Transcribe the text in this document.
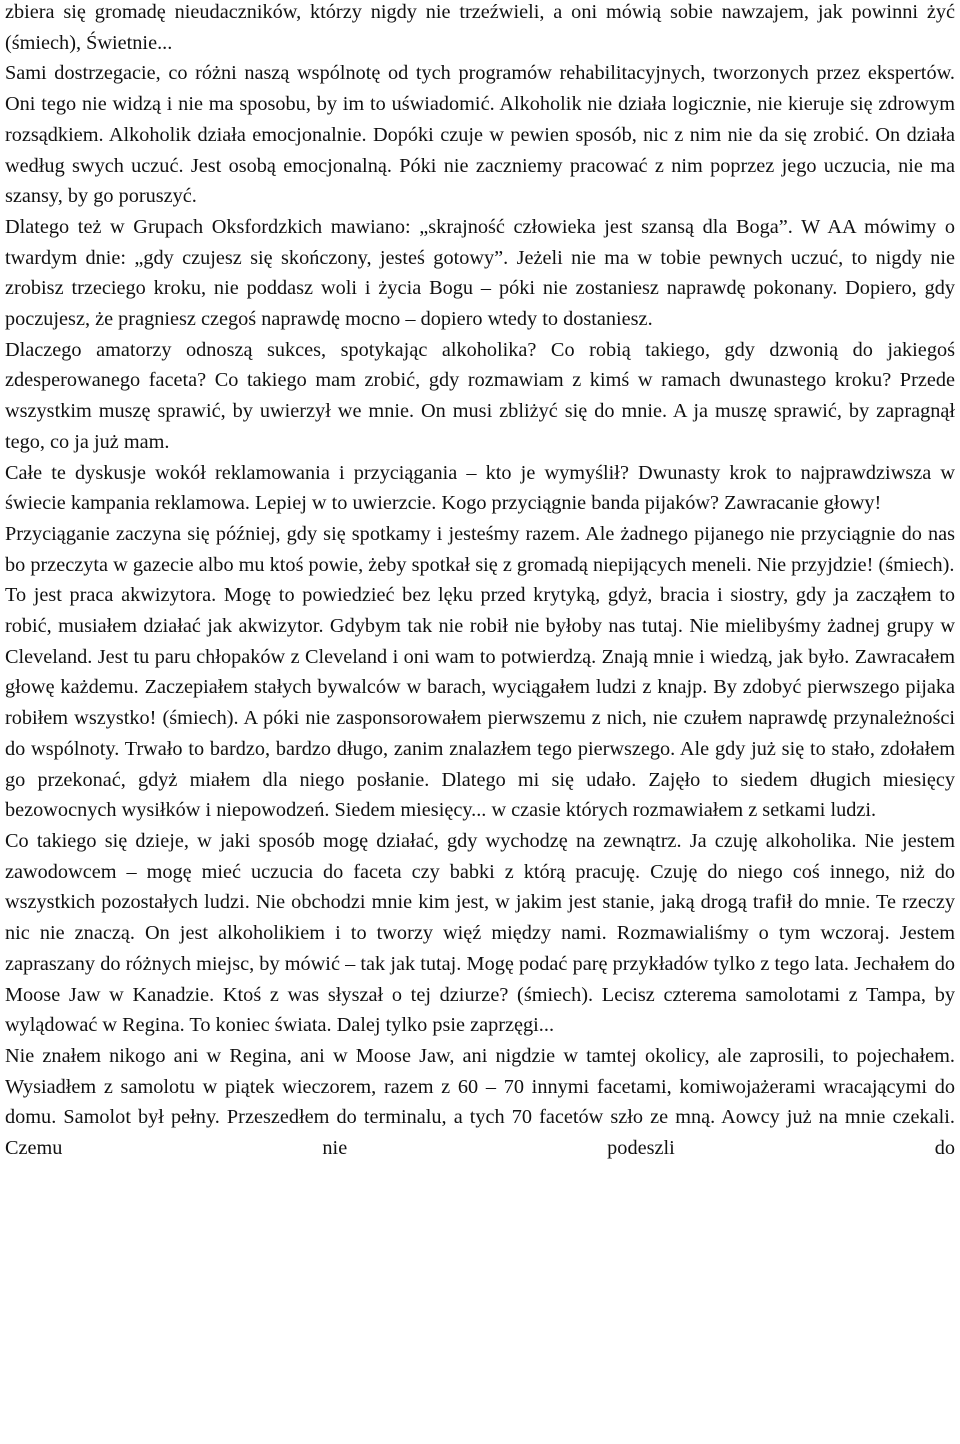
zbiera się gromadę nieudaczników, którzy nigdy nie trzeźwieli, a oni mówią sobie nawzajem, jak powinni żyć (śmiech), Świetnie...

Sami dostrzegacie, co różni naszą wspólnotę od tych programów rehabilitacyjnych, tworzonych przez ekspertów. Oni tego nie widzą i nie ma sposobu, by im to uświadomić. Alkoholik nie działa logicznie, nie kieruje się zdrowym rozsądkiem. Alkoholik działa emocjonalnie. Dopóki czuje w pewien sposób, nic z nim nie da się zrobić. On działa według swych uczuć. Jest osobą emocjonalną. Póki nie zaczniemy pracować z nim poprzez jego uczucia, nie ma szansy, by go poruszyć.

Dlatego też w Grupach Oksfordzkich mawiano: „skrajność człowieka jest szansą dla Boga”. W AA mówimy o twardym dnie: „gdy czujesz się skończony, jesteś gotowy”. Jeżeli nie ma w tobie pewnych uczuć, to nigdy nie zrobisz trzeciego kroku, nie poddasz woli i życia Bogu – póki nie zostaniesz naprawdę pokonany. Dopiero, gdy poczujesz, że pragniesz czegoś naprawdę mocno – dopiero wtedy to dostaniesz.

Dlaczego amatorzy odnoszą sukces, spotykając alkoholika? Co robią takiego, gdy dzwonią do jakiegoś zdesperowanego faceta? Co takiego mam zrobić, gdy rozmawiam z kimś w ramach dwunastego kroku? Przede wszystkim muszę sprawić, by uwierzył we mnie. On musi zbliżyć się do mnie. A ja muszę sprawić, by zapragnął tego, co ja już mam.

Całe te dyskusje wokół reklamowania i przyciągania – kto je wymyślił? Dwunasty krok to najprawdziwsza w świecie kampania reklamowa. Lepiej w to uwierzcie. Kogo przyciągnie banda pijaków? Zawracanie głowy!

Przyciąganie zaczyna się później, gdy się spotkamy i jesteśmy razem. Ale żadnego pijanego nie przyciągnie do nas bo przeczyta w gazecie albo mu ktoś powie, żeby spotkał się z gromadą niepijących meneli. Nie przyjdzie! (śmiech).

To jest praca akwizytora. Mogę to powiedzieć bez lęku przed krytyką, gdyż, bracia i siostry, gdy ja zacząłem to robić, musiałem działać jak akwizytor. Gdybym tak nie robił nie byłoby nas tutaj. Nie mielibyśmy żadnej grupy w Cleveland. Jest tu paru chłopaków z Cleveland i oni wam to potwierdzą. Znają mnie i wiedzą, jak było. Zawracałem głowę każdemu. Zaczepiałem stałych bywalców w barach, wyciągałem ludzi z knajp. By zdobyć pierwszego pijaka robiłem wszystko! (śmiech). A póki nie zasponsorowałem pierwszemu z nich, nie czułem naprawdę przynależności do wspólnoty. Trwało to bardzo, bardzo długo, zanim znalazłem tego pierwszego. Ale gdy już się to stało, zdołałem go przekonać, gdyż miałem dla niego posłanie. Dlatego mi się udało. Zajęło to siedem długich miesięcy bezowocnych wysiłków i niepowodzeń. Siedem miesięcy... w czasie których rozmawiałem z setkami ludzi.

Co takiego się dzieje, w jaki sposób mogę działać, gdy wychodzę na zewnątrz. Ja czuję alkoholika. Nie jestem zawodowcem – mogę mieć uczucia do faceta czy babki z którą pracuję. Czuję do niego coś innego, niż do wszystkich pozostałych ludzi. Nie obchodzi mnie kim jest, w jakim jest stanie, jaką drogą trafił do mnie. Te rzeczy nic nie znaczą. On jest alkoholikiem i to tworzy więź między nami. Rozmawialiśmy o tym wczoraj. Jestem zapraszany do różnych miejsc, by mówić – tak jak tutaj. Mogę podać parę przykładów tylko z tego lata. Jechałem do Moose Jaw w Kanadzie. Ktoś z was słyszał o tej dziurze? (śmiech). Lecisz czterema samolotami z Tampa, by wylądować w Regina. To koniec świata. Dalej tylko psie zaprzęgi...

Nie znałem nikogo ani w Regina, ani w Moose Jaw, ani nigdzie w tamtej okolicy, ale zaprosili, to pojechałem. Wysiadłem z samolotu w piątek wieczorem, razem z 60 – 70 innymi facetami, komiwojażerami wracającymi do domu. Samolot był pełny. Przeszedłem do terminalu, a tych 70 facetów szło ze mną. Aowcy już na mnie czekali. Czemu nie podeszli do
